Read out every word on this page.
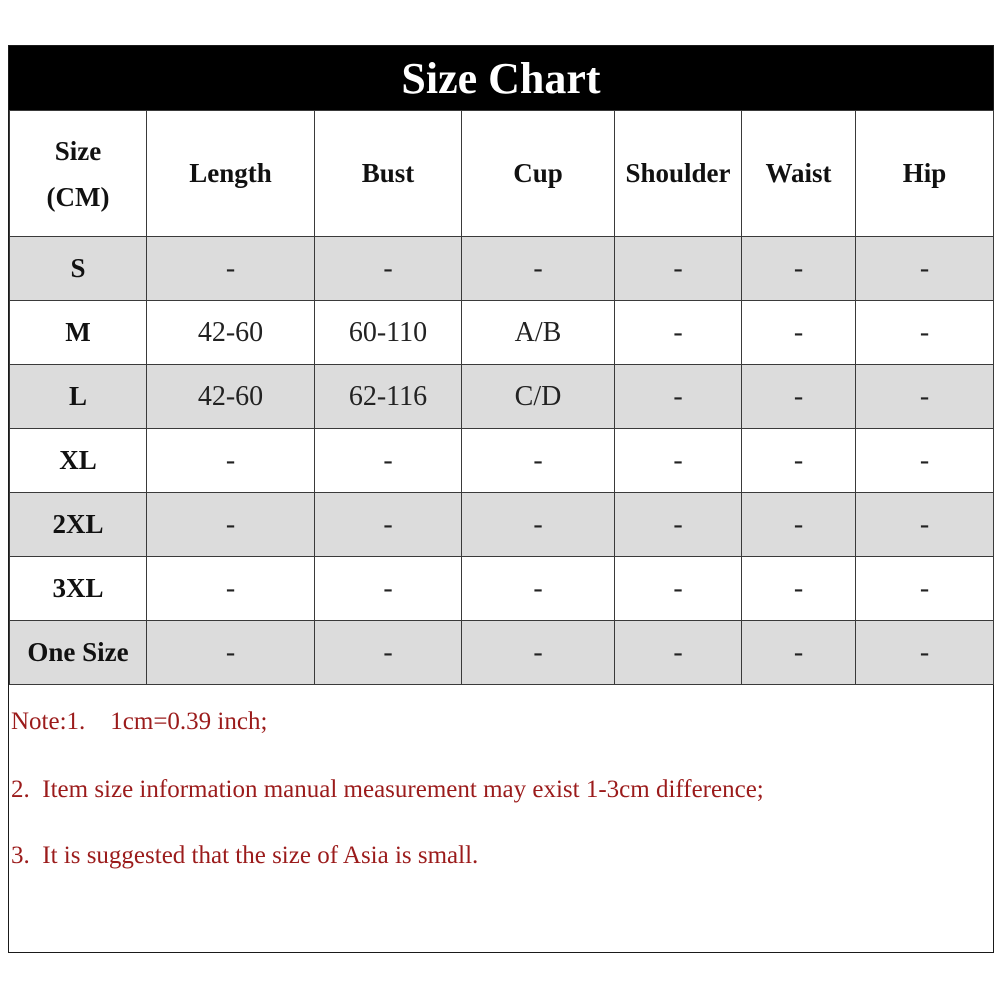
Size Chart
Size
(CM)	Length	Bust	Cup	Shoulder	Waist	Hip
S	-	-	-	-	-	-
M	42-60	60-110	A/B	-	-	-
L	42-60	62-116	C/D	-	-	-
XL	-	-	-	-	-	-
2XL	-	-	-	-	-	-
3XL	-	-	-	-	-	-
One Size	-	-	-	-	-	-
Note:1.    1cm=0.39 inch;
2.  Item size information manual measurement may exist 1-3cm difference;
3.  It is suggested that the size of Asia is small.
